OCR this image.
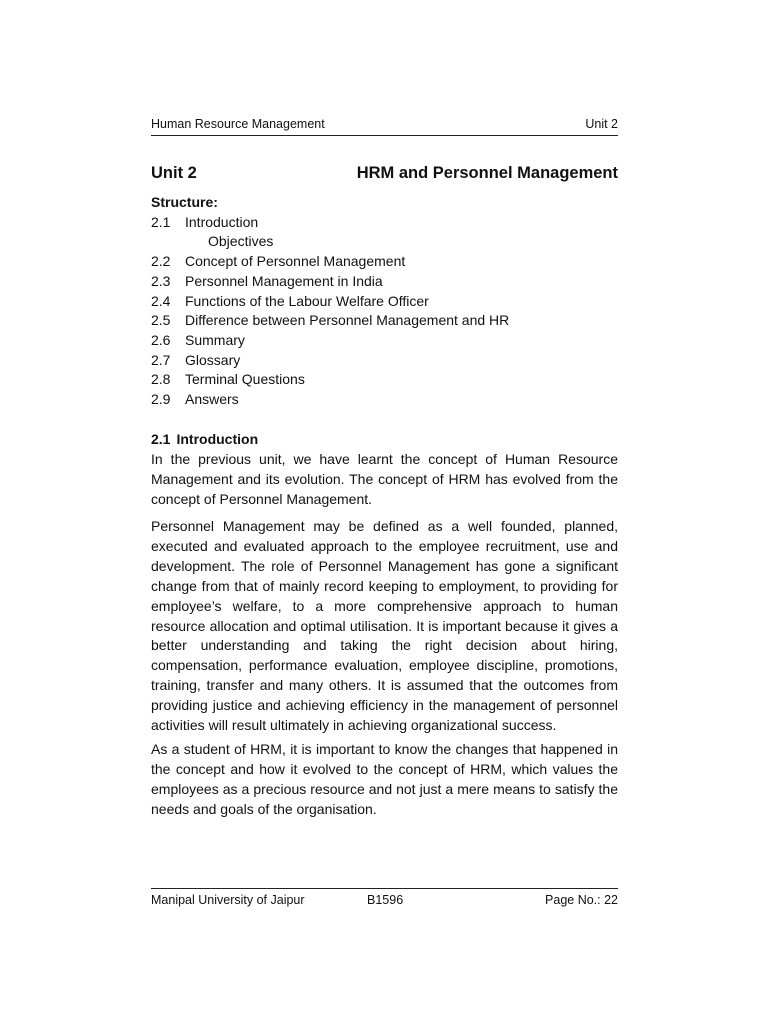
Human Resource Management	Unit 2
Unit 2	HRM and Personnel Management
Structure:
2.1	Introduction
Objectives
2.2	Concept of Personnel Management
2.3	Personnel Management in India
2.4	Functions of the Labour Welfare Officer
2.5	Difference between Personnel Management and HR
2.6	Summary
2.7	Glossary
2.8	Terminal Questions
2.9	Answers
2.1 Introduction

In the previous unit, we have learnt the concept of Human Resource Management and its evolution. The concept of HRM has evolved from the concept of Personnel Management.

Personnel Management may be defined as a well founded, planned, executed and evaluated approach to the employee recruitment, use and development. The role of Personnel Management has gone a significant change from that of mainly record keeping to employment, to providing for employee’s welfare, to a more comprehensive approach to human resource allocation and optimal utilisation. It is important because it gives a better understanding and taking the right decision about hiring, compensation, performance evaluation, employee discipline, promotions, training, transfer and many others. It is assumed that the outcomes from providing justice and achieving efficiency in the management of personnel activities will result ultimately in achieving organizational success.

As a student of HRM, it is important to know the changes that happened in the concept and how it evolved to the concept of HRM, which values the employees as a precious resource and not just a mere means to satisfy the needs and goals of the organisation.

Manipal University of Jaipur	B1596	Page No.: 22
